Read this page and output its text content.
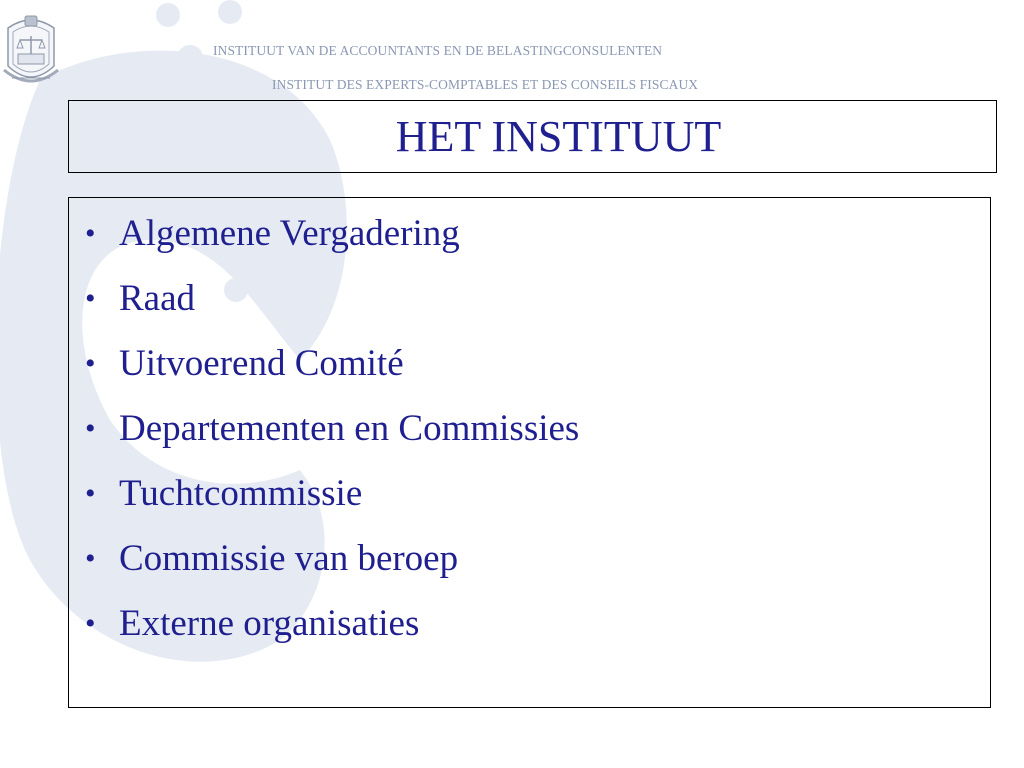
INSTITUUT VAN DE ACCOUNTANTS EN DE BELASTINGCONSULENTEN
INSTITUT DES EXPERTS-COMPTABLES ET DES CONSEILS FISCAUX
HET INSTITUUT
• Algemene Vergadering
• Raad
• Uitvoerend Comité
• Departementen en Commissies
• Tuchtcommissie
• Commissie van beroep
• Externe organisaties
